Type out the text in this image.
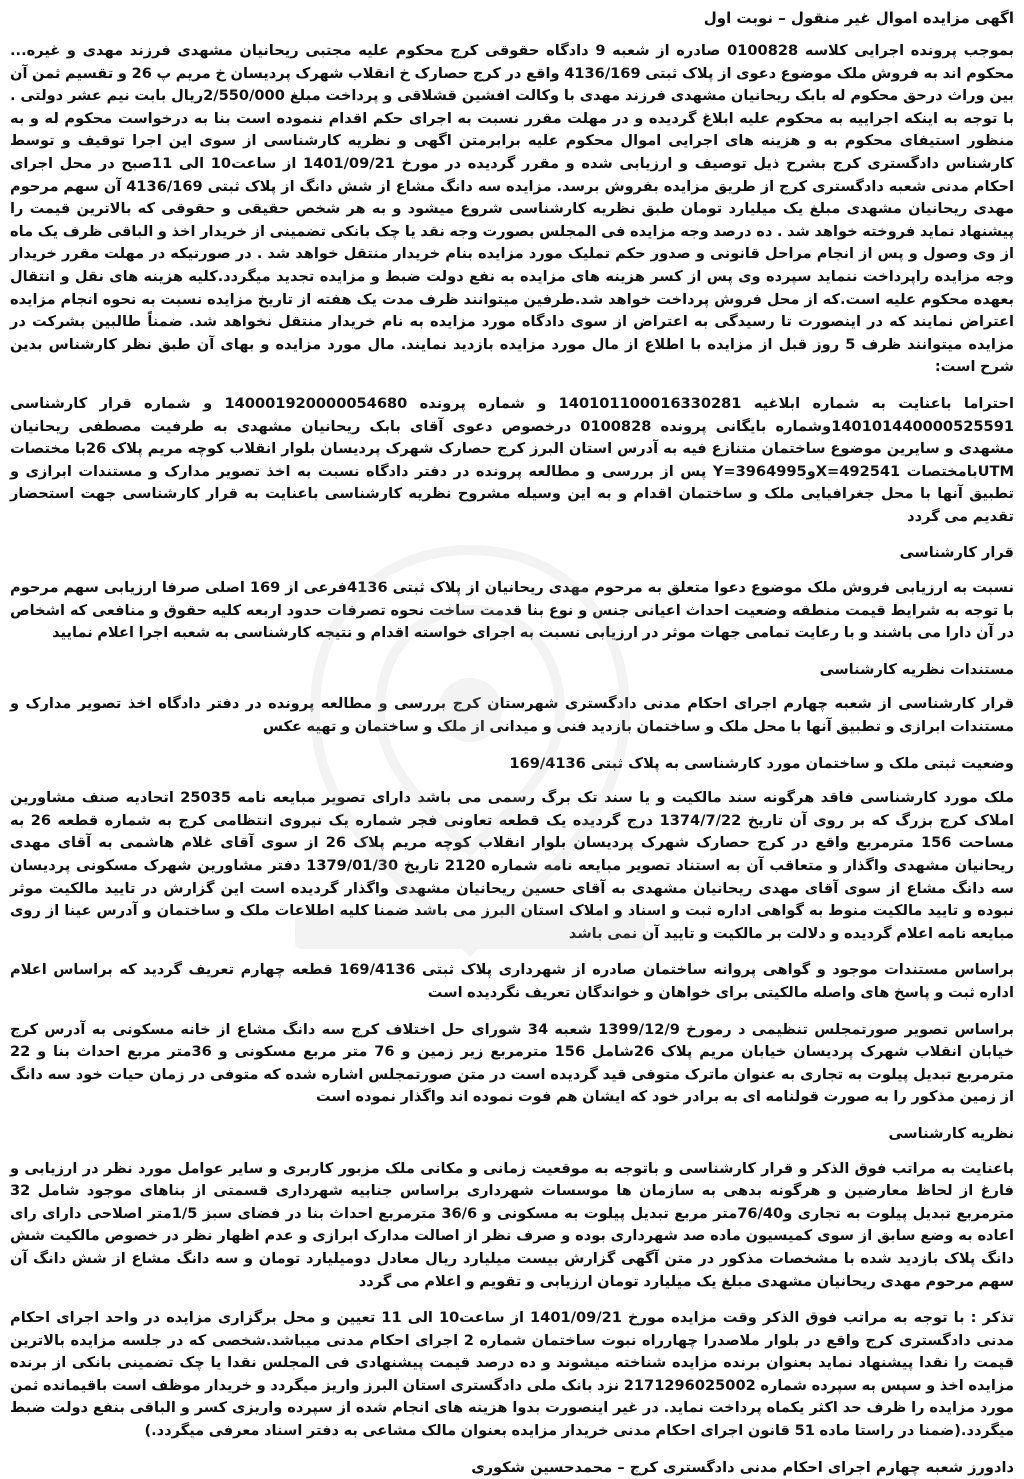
اگهی مزایده اموال غیر منقول – نوبت اول

بموجب پرونده اجرایی کلاسه 0100828 صادره از شعبه 9 دادگاه حقوقی کرج محکوم علیه مجتبی ریحانیان مشهدی فرزند مهدی و غیره... محکوم اند به فروش ملک موضوع دعوی از پلاک ثبتی 4136/169 واقع در کرج حصارک خ انقلاب شهرک پردیسان خ مریم پ 26 و تقسیم ثمن آن بین وراث درحق محکوم له بابک ریحانیان مشهدی فرزند مهدی با وکالت افشین قشلاقی و پرداخت مبلغ 2/550/000ریال بابت نیم عشر دولتی . با توجه به اینکه اجراییه به محکوم علیه ابلاغ گردیده و در مهلت مقرر نسبت به اجرای حکم اقدام ننموده است بنا به درخواست محکوم له و به منظور استیفای محکوم به و هزینه های اجرایی اموال محکوم علیه برابرمتن اگهی و نظریه کارشناسی از سوی این اجرا توقیف و توسط کارشناس دادگستری کرج بشرح ذیل توصیف و ارزیابی شده و مقرر گردیده در مورخ 1401/09/21 از ساعت10 الی 11صبح در محل اجرای احکام مدنی شعبه دادگستری کرج از طریق مزایده بفروش برسد. مزایده سه دانگ مشاع از شش دانگ از پلاک ثبتی 4136/169 آن سهم مرحوم مهدی ریحانیان مشهدی مبلغ یک میلیارد تومان طبق نظریه کارشناسی شروع میشود و به هر شخص حقیقی و حقوقی که بالاترین قیمت را پیشنهاد نماید فروخته خواهد شد . ده درصد وجه مزایده فی المجلس بصورت وجه نقد یا چک بانکی تضمینی از خریدار اخذ و الباقی ظرف یک ماه از وی وصول و پس از انجام مراحل قانونی و صدور حکم تملیک مورد مزایده بنام خریدار منتقل خواهد شد . در صورتیکه در مهلت مقرر خریدار وجه مزایده راپرداخت ننماید سپرده وی پس از کسر هزینه های مزایده به نفع دولت ضبط و مزایده تجدید میگردد.کلیه هزینه های نقل و انتقال بعهده محکوم علیه است.که از محل فروش پرداخت خواهد شد.طرفین میتوانند ظرف مدت یک هفته از تاریخ مزایده نسبت به نحوه انجام مزایده اعتراض نمایند که در اینصورت تا رسیدگی به اعتراض از سوی دادگاه مورد مزایده به نام خریدار منتقل نخواهد شد. ضمناً طالبین بشرکت در مزایده میتوانند ظرف 5 روز قبل از مزایده با اطلاع از مال مورد مزایده بازدید نمایند. مال مورد مزایده و بهای آن طبق نظر کارشناس بدین شرح است:

احتراما باعنایت به شماره ابلاغیه 140101100016330281 و شماره پرونده 140001920000054680 و شماره قرار کارشناسی 140101440000525591وشماره بایگانی پرونده 0100828 درخصوص دعوی آقای بابک ریحانیان مشهدی به طرفیت مصطفی ریحانیان مشهدی و سایرین موضوع ساختمان متنازع فیه به آدرس استان البرز کرج حصارک شهرک پردیسان بلوار انقلاب کوچه مریم پلاک 26با مختصات UTMبامختصات X=492541وY=3964995 پس از بررسی و مطالعه پرونده در دفتر دادگاه نسبت به اخذ تصویر مدارک و مستندات ابرازی و تطبیق آنها با محل جغرافیایی ملک و ساختمان اقدام و به این وسیله مشروح نظریه کارشناسی باعنایت به قرار کارشناسی جهت استحضار تقدیم می گردد

قرار کارشناسی

نسبت به ارزیابی فروش ملک موضوع دعوا متعلق به مرحوم مهدی ریحانیان از پلاک ثبتی 4136فرعی از 169 اصلی صرفا ارزیابی سهم مرحوم با توجه به شرایط قیمت منطقه وضعیت احداث اعیانی جنس و نوع بنا قدمت ساخت نحوه تصرفات حدود اربعه کلیه حقوق و منافعی که اشخاص در آن دارا می باشند و با رعایت تمامی جهات موثر در ارزیابی نسبت به اجرای خواسته اقدام و نتیجه کارشناسی به شعبه اجرا اعلام نمایید

مستندات نظریه کارشناسی

قرار کارشناسی از شعبه چهارم اجرای احکام مدنی دادگستری شهرستان کرج بررسی و مطالعه پرونده در دفتر دادگاه اخذ تصویر مدارک و مستندات ابرازی و تطبیق آنها با محل ملک و ساختمان بازدید فنی و میدانی از ملک و ساختمان و تهیه عکس

وضعیت ثبتی ملک و ساختمان مورد کارشناسی به پلاک ثبتی 169/4136

ملک مورد کارشناسی فاقد هرگونه سند مالکیت و یا سند تک برگ رسمی می باشد دارای تصویر مبایعه نامه 25035 اتحادیه صنف مشاورین املاک کرج بزرگ که بر روی آن تاریخ 1374/7/22 درج گردیده یک قطعه تعاونی فجر شماره یک نیروی انتظامی کرج به شماره قطعه 26 به مساحت 156 مترمربع واقع در کرج حصارک شهرک پردیسان بلوار انقلاب کوچه مریم پلاک 26 از سوی آقای غلام هاشمی به آقای مهدی ریحانیان مشهدی واگذار و متعاقب آن به استناد تصویر مبایعه نامه شماره 2120 تاریخ 1379/01/30 دفتر مشاورین شهرک مسکونی پردیسان سه دانگ مشاع از سوی آقای مهدی ریحانیان مشهدی به آقای حسین ریحانیان مشهدی واگذار گردیده است این گزارش در تایید مالکیت موثر نبوده و تایید مالکیت منوط به گواهی اداره ثبت و اسناد و املاک استان البرز می باشد ضمنا کلیه اطلاعات ملک و ساختمان و آدرس عینا از روی مبایعه نامه اعلام گردیده و دلالت بر مالکیت و تایید آن نمی باشد

براساس مستندات موجود و گواهی پروانه ساختمان صادره از شهرداری پلاک ثبتی 169/4136 قطعه چهارم تعریف گردید که براساس اعلام اداره ثبت و پاسخ های واصله مالکیتی برای خواهان و خواندگان تعریف نگردیده است

براساس تصویر صورتمجلس تنظیمی د رمورخ 1399/12/9 شعبه 34 شورای حل اختلاف کرج سه دانگ مشاع از خانه مسکونی به آدرس کرج خیابان انقلاب شهرک پردیسان خیابان مریم پلاک 26شامل 156 مترمربع زیر زمین و 76 متر مربع مسکونی و 36متر مربع احداث بنا و 22 مترمربع تبدیل پیلوت به تجاری به عنوان ماترک متوفی قید گردیده است در متن صورتمجلس اشاره شده که متوفی در زمان حیات خود سه دانگ از زمین مذکور را به صورت قولنامه ای به برادر خود که ایشان هم فوت نموده اند واگذار نموده است

نظریه کارشناسی

باعنایت به مراتب فوق الذکر و قرار کارشناسی و باتوجه به موقعیت زمانی و مکانی ملک مزبور کاربری و سایر عوامل مورد نظر در ارزیابی و فارغ از لحاظ معارضین و هرگونه بدهی به سازمان ها موسسات شهرداری براساس جنابیه شهرداری قسمتی از بناهای موجود شامل 32 مترمربع تبدیل پیلوت به تجاری و76/40متر مربع تبدیل پیلوت به مسکونی و 36/6 مترمربع احداث بنا در فضای سبز 1/5متر اصلاحی دارای رای اعاده به وضع سابق از سوی کمیسیون ماده صد شهرداری بوده و صرف نظر از اصالت مدارک ابرازی و عدم اظهار نظر در خصوص مالکیت شش دانگ پلاک بازدید شده با مشخصات مذکور در متن آگهی گزارش بیست میلیارد ریال معادل دومیلیارد تومان و سه دانگ مشاع از شش دانگ آن سهم مرحوم مهدی ریحانیان مشهدی مبلغ یک میلیارد تومان ارزیابی و تقویم و اعلام می گردد

تذکر : با توجه به مراتب فوق الذکر وقت مزایده مورخ 1401/09/21 از ساعت10 الی 11 تعیین و محل برگزاری مزایده در واحد اجرای احکام مدنی دادگستری کرج واقع در بلوار ملاصدرا چهارراه نبوت ساختمان شماره 2 اجرای احکام مدنی میباشد.شخصی که در جلسه مزایده بالاترین قیمت را نقدا پیشنهاد نماید بعنوان برنده مزایده شناخته میشوند و ده درصد قیمت پیشنهادی فی المجلس نقدا یا چک تضمینی بانکی از برنده مزایده اخذ و سپس به سپرده شماره 2171296025002 نزد بانک ملی دادگستری استان البرز واریز میگردد و خریدار موظف است باقیمانده ثمن مورد مزایده را ظرف حد اکثر یکماه پرداخت نماید. در غیر اینصورت بدوا هزینه های انجام شده از سپرده واریزی کسر و الباقی بنفع دولت ضبط میگردد.(ضمنا در راستا ماده 51 قانون اجرای احکام مدنی خریدار مزایده بعنوان مالک مشاعی به دفتر اسناد معرفی میگردد.)

دادورز شعبه چهارم اجرای احکام مدنی دادگستری کرج – محمدحسین شکوری
